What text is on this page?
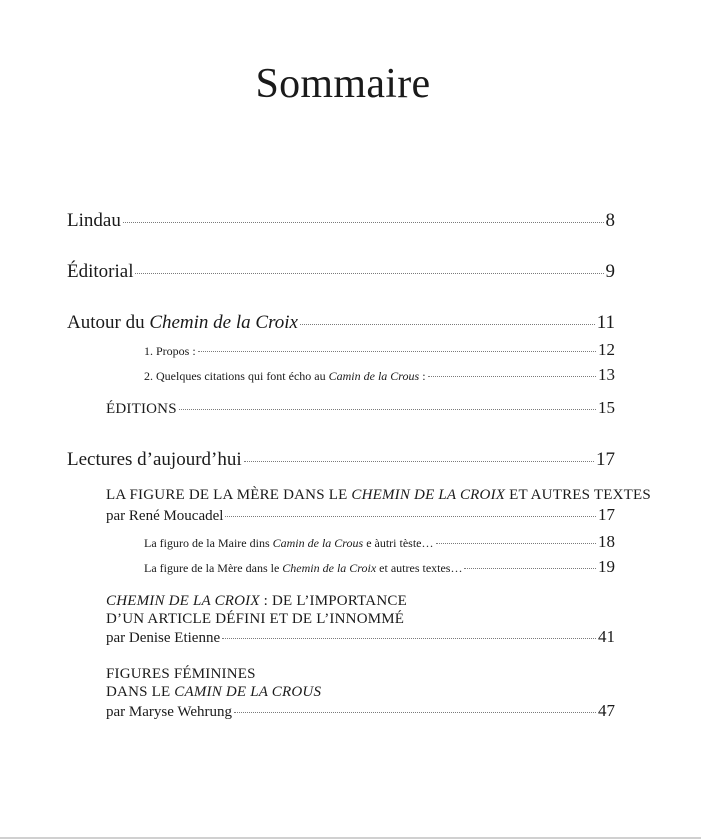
Sommaire
Lindau	8
Éditorial	9
Autour du Chemin de la Croix	11
1. Propos :	12
2. Quelques citations qui font écho au Camin de la Crous :	13
ÉDITIONS	15
Lectures d’aujourd’hui	17
LA FIGURE DE LA MÈRE DANS LE CHEMIN DE LA CROIX ET AUTRES TEXTES
par René Moucadel	17
La figuro de la Maire dins Camin de la Crous e àutri tèste…	18
La figure de la Mère dans le Chemin de la Croix et autres textes…	19
CHEMIN DE LA CROIX : DE L’IMPORTANCE
D’UN ARTICLE DÉFINI ET DE L’INNOMMÉ
par Denise Etienne	41
FIGURES FÉMININES
DANS LE CAMIN DE LA CROUS
par Maryse Wehrung	47
